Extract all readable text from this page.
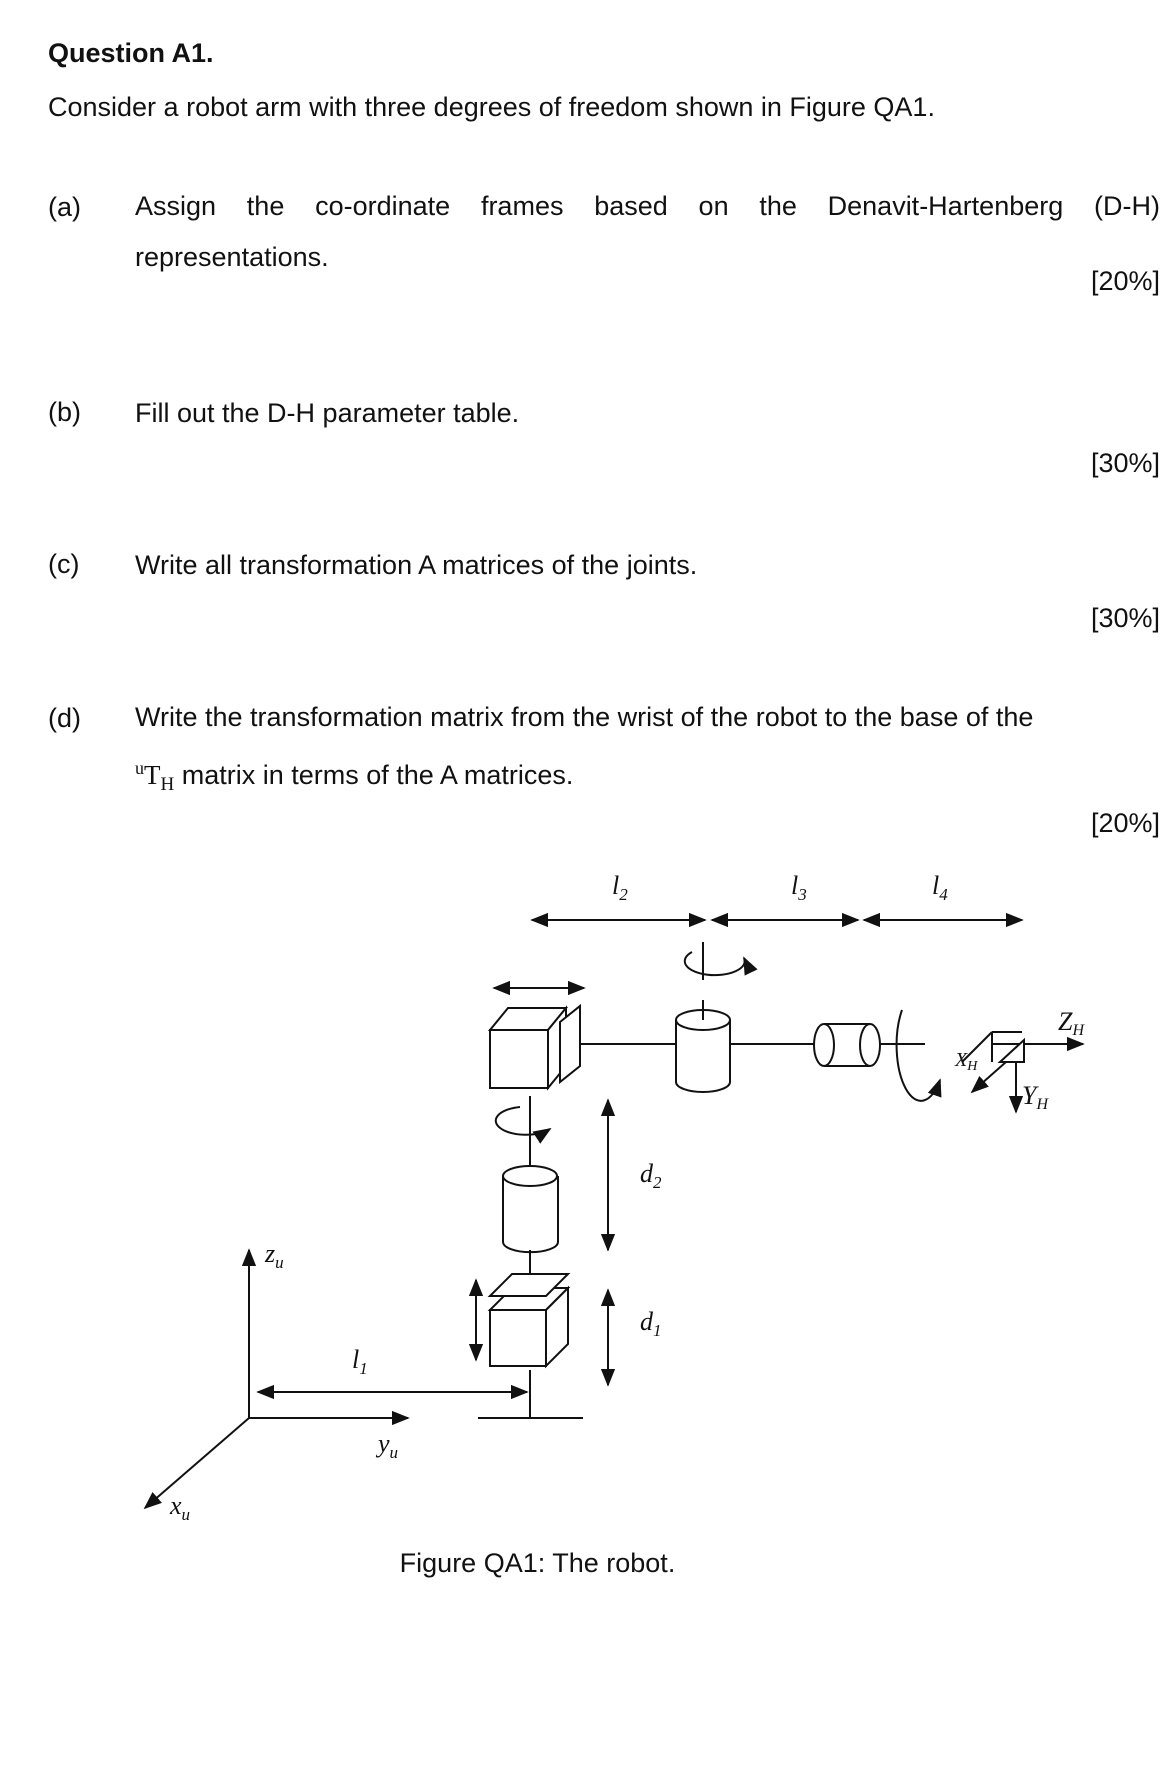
Question A1.
Consider a robot arm with three degrees of freedom shown in Figure QA1.
(a) Assign the co-ordinate frames based on the Denavit-Hartenberg (D-H)
representations.
[20%]
(b) Fill out the D-H parameter table.
[30%]
(c) Write all transformation A matrices of the joints.
[30%]
(d) Write the transformation matrix from the wrist of the robot to the base of the
$^uT_H$ matrix in terms of the A matrices.
[20%]
$l_2$	$l_3$	$l_4$
$d_2$
$d_1$
$l_1$
$z_u$
$y_u$
$x_u$
ZH
YH
$X_H$
Figure QA1: The robot.
